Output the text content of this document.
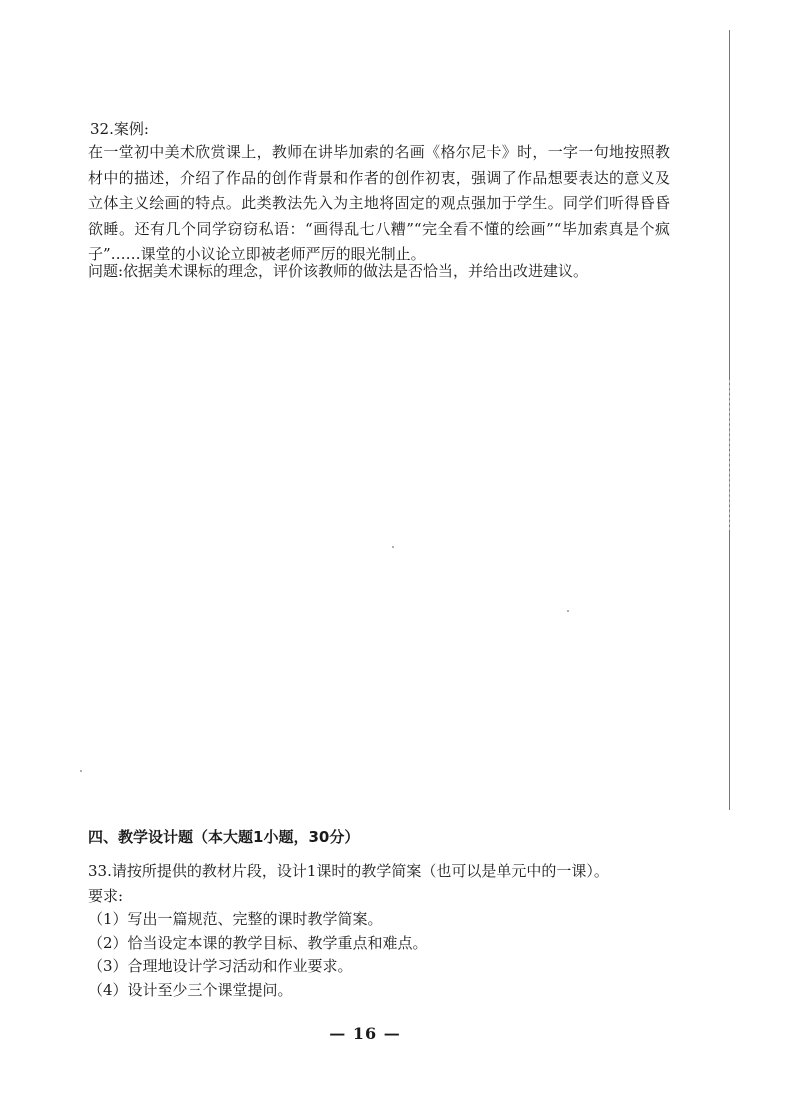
32.案例:
在一堂初中美术欣赏课上，教师在讲毕加索的名画《格尔尼卡》时，一字一句地按照教材中的描述，介绍了作品的创作背景和作者的创作初衷，强调了作品想要表达的意义及立体主义绘画的特点。此类教法先入为主地将固定的观点强加于学生。同学们听得昏昏欲睡。还有几个同学窃窃私语：“画得乱七八糟”“完全看不懂的绘画”“毕加索真是个疯子”……课堂的小议论立即被老师严厉的眼光制止。
问题:依据美术课标的理念，评价该教师的做法是否恰当，并给出改进建议。
四、教学设计题（本大题1小题，30分）
33.请按所提供的教材片段，设计1课时的教学简案（也可以是单元中的一课）。
要求:
（1）写出一篇规范、完整的课时教学简案。
（2）恰当设定本课的教学目标、教学重点和难点。
（3）合理地设计学习活动和作业要求。
（4）设计至少三个课堂提问。
— 16 —
